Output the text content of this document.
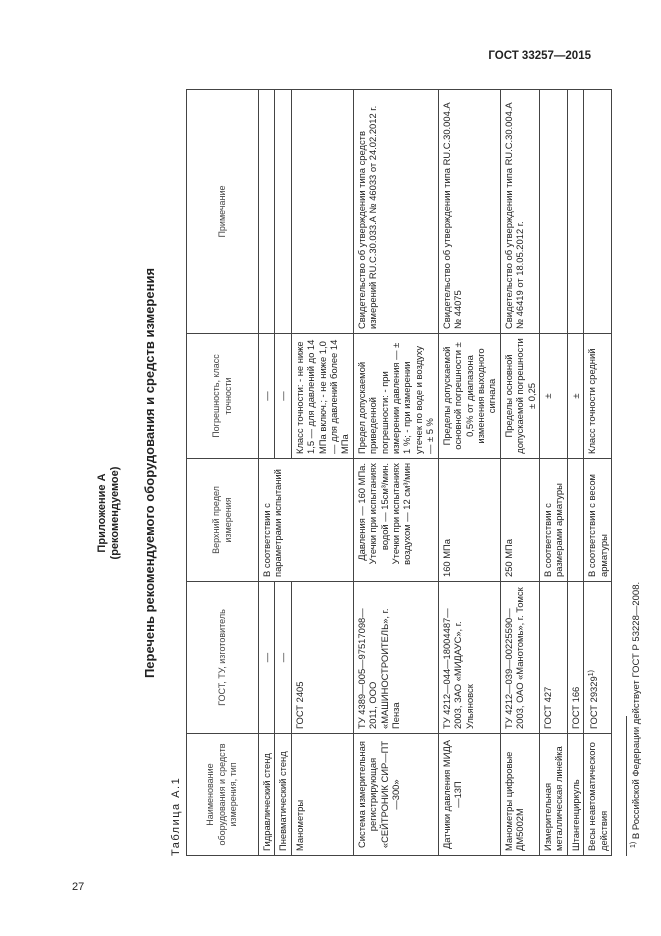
ГОСТ 33257—2015
Приложение А (рекомендуемое) Перечень рекомендуемого оборудования и средств измерения
Таблица А.1	Наименование оборудования и средств измерения, тип	ГОСТ, ТУ, изготовитель	Верхний предел измерения	Погрешность, класс точности	Примечание
Гидравлический стенд	—	В соответствии с параметрами испытаний	—	
Пневматический стенд	—		—	
Манометры	ГОСТ 2405		Класс точности: - не ниже 1,5 — для давлений до 14 МПа включ.; - не ниже 1,0 — для давлений более 14 МПа	
Система измерительная регистрирующая «СЕЙТРОНИК СИР—ПТ—300»	ТУ 4389—005—97517098—2011, ООО «МАШИНОСТРОИТЕЛЬ», г. Пенза	Давления — 160 МПа. Утечки при испытаниях водой — 15см³/мин. Утечки при испытаниях воздухом — 12 см³/мин	Предел допускаемой приведенной погрешности: - при измерении давления — ± 1 %; - при измерении утечек по воде и воздуху — ± 5 %	Свидетельство об утверждении типа средств измерений RU.C.30.033.А № 46033 от 24.02.2012 г.
Датчики давления МИДА—13П	ТУ 4212—044—18004487—2003, ЗАО «МИДАУС», г. Ульяновск	160 МПа	Пределы допускаемой основной погрешности ± 0,5% от диапазона изменения выходного сигнала	Свидетельство об утверждении типа RU.C.30.004.А № 44075
Манометры цифровые ДМ5002М	ТУ 4212—039—00225590—2003, ОАО «Манотомь», г. Томск	250 МПа	Пределы основной допускаемой погрешности ± 0,25	Свидетельство об утверждении типа RU.C.30.004.А № 46419 от 18.05.2012 г.
Измерительная металлическая линейка	ГОСТ 427	В соответствии с размерами арматуры	±	
Штангенциркуль	ГОСТ 166		±	
Весы неавтоматического действия	ГОСТ 29329$^{1)}$	В соответствии с весом арматуры	Класс точности средний	
$^{1)}$ В Российской Федерации действует ГОСТ Р 53228—2008.
27
